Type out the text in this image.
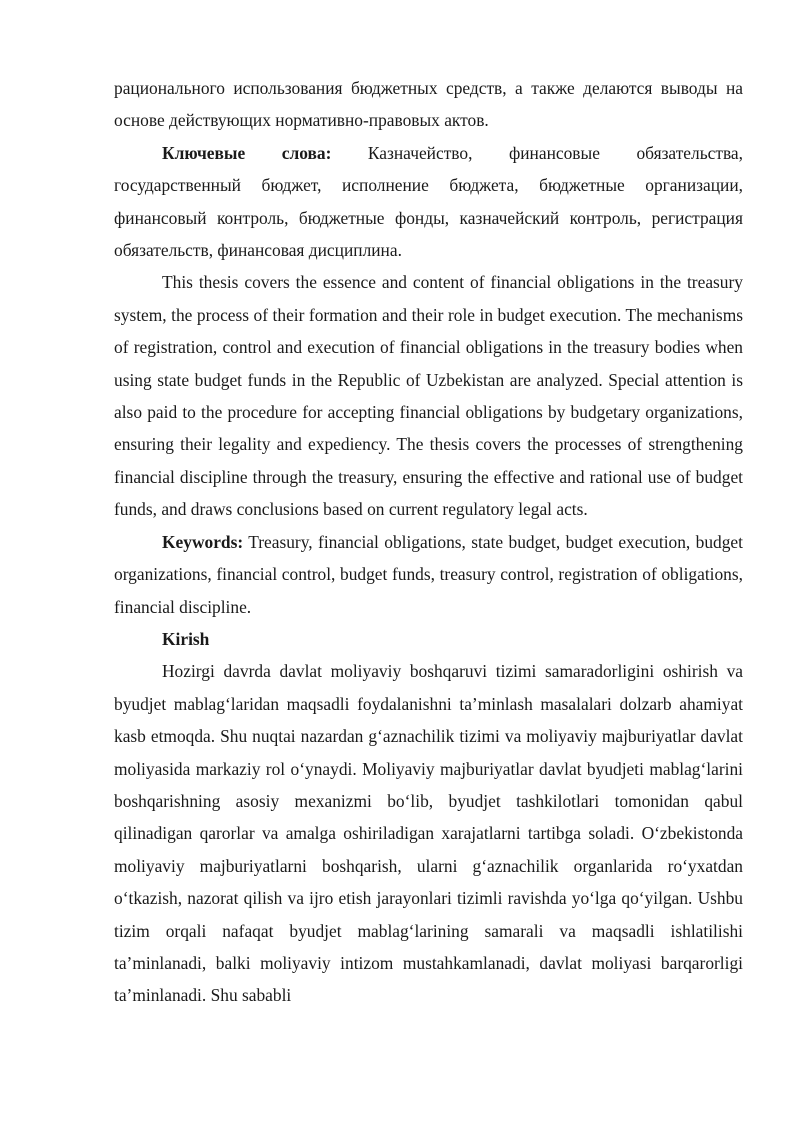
рационального использования бюджетных средств, а также делаются выводы на основе действующих нормативно-правовых актов.

Ключевые слова: Казначейство, финансовые обязательства, государственный бюджет, исполнение бюджета, бюджетные организации, финансовый контроль, бюджетные фонды, казначейский контроль, регистрация обязательств, финансовая дисциплина.

This thesis covers the essence and content of financial obligations in the treasury system, the process of their formation and their role in budget execution. The mechanisms of registration, control and execution of financial obligations in the treasury bodies when using state budget funds in the Republic of Uzbekistan are analyzed. Special attention is also paid to the procedure for accepting financial obligations by budgetary organizations, ensuring their legality and expediency. The thesis covers the processes of strengthening financial discipline through the treasury, ensuring the effective and rational use of budget funds, and draws conclusions based on current regulatory legal acts.

Keywords: Treasury, financial obligations, state budget, budget execution, budget organizations, financial control, budget funds, treasury control, registration of obligations, financial discipline.

Kirish

Hozirgi davrda davlat moliyaviy boshqaruvi tizimi samaradorligini oshirish va byudjet mablag‘laridan maqsadli foydalanishni ta’minlash masalalari dolzarb ahamiyat kasb etmoqda. Shu nuqtai nazardan g‘aznachilik tizimi va moliyaviy majburiyatlar davlat moliyasida markaziy rol o‘ynaydi. Moliyaviy majburiyatlar davlat byudjeti mablag‘larini boshqarishning asosiy mexanizmi bo‘lib, byudjet tashkilotlari tomonidan qabul qilinadigan qarorlar va amalga oshiriladigan xarajatlarni tartibga soladi. O‘zbekistonda moliyaviy majburiyatlarni boshqarish, ularni g‘aznachilik organlarida ro‘yxatdan o‘tkazish, nazorat qilish va ijro etish jarayonlari tizimli ravishda yo‘lga qo‘yilgan. Ushbu tizim orqali nafaqat byudjet mablag‘larining samarali va maqsadli ishlatilishi ta’minlanadi, balki moliyaviy intizom mustahkamlanadi, davlat moliyasi barqarorligi ta’minlanadi. Shu sababli
